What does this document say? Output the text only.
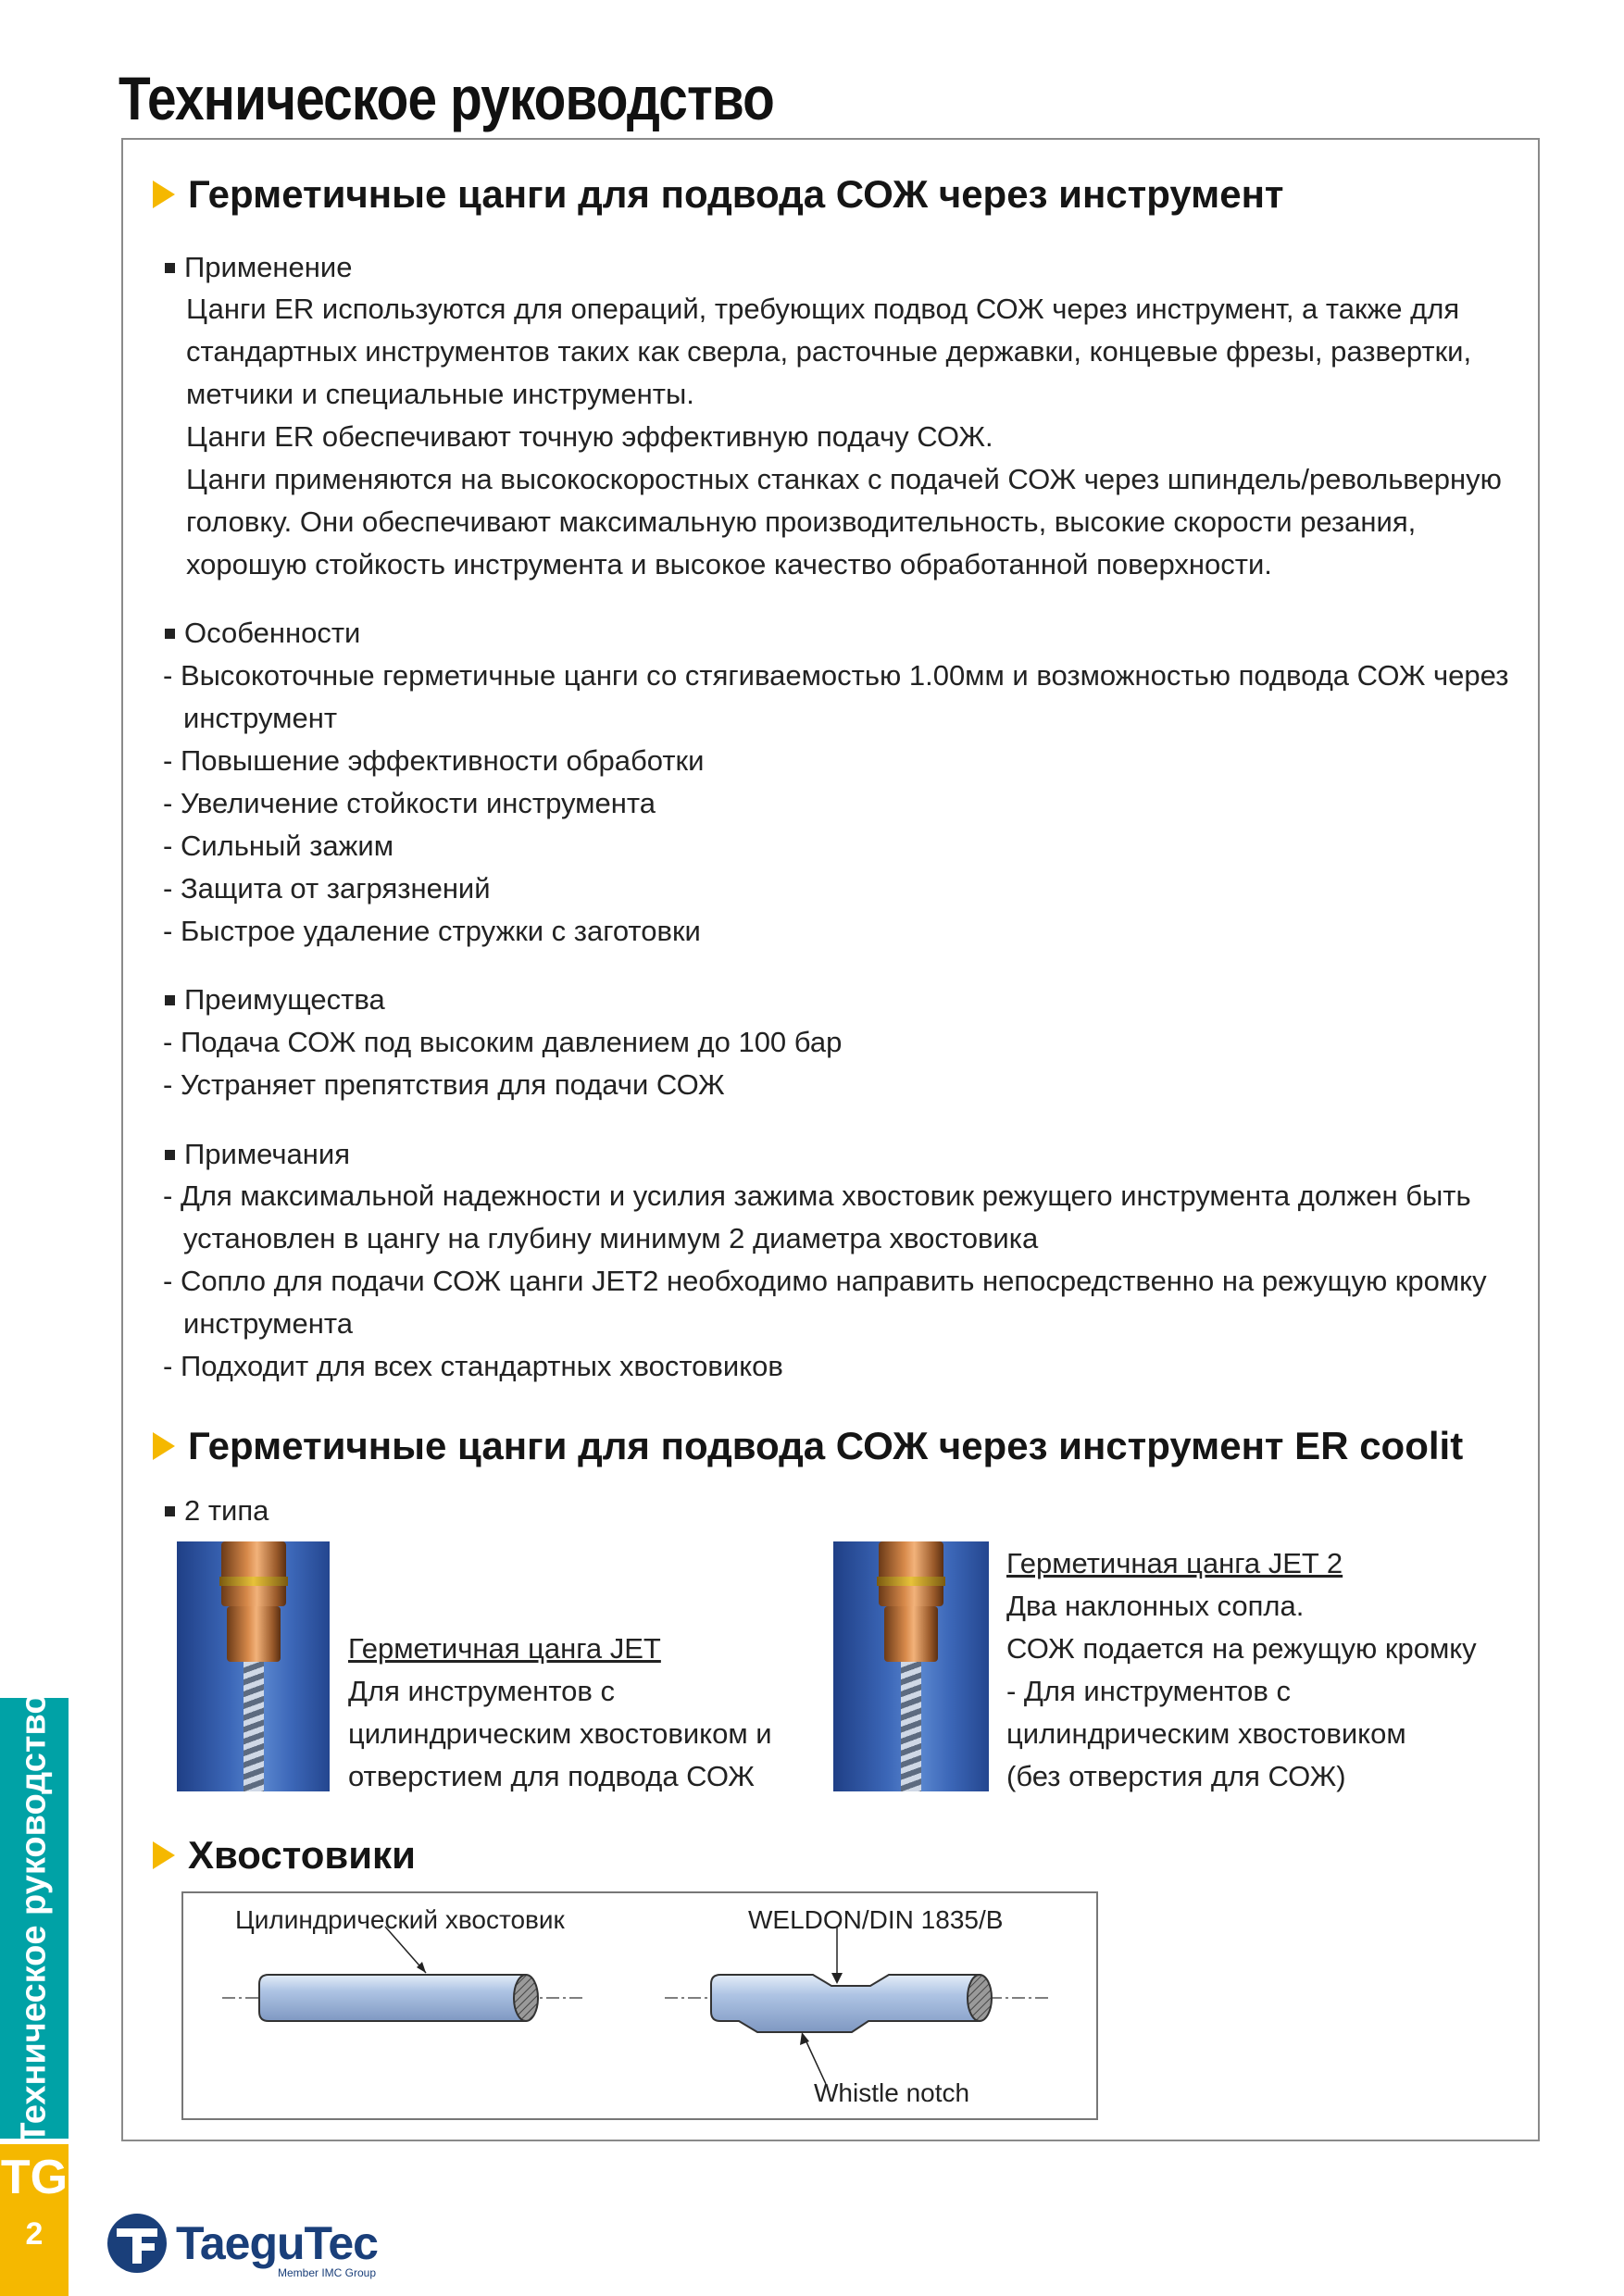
Техническое руководство
Герметичные цанги для подвода СОЖ через инструмент
Применение

Цанги ER используются для операций, требующих подвод СОЖ через инструмент, а также для

стандартных инструментов таких как сверла, расточные державки, концевые фрезы, развертки,

метчики и специальные инструменты.

Цанги ER обеспечивают точную эффективную подачу СОЖ.

Цанги применяются на высокоскоростных станках с подачей СОЖ через шпиндель/револьверную

головку. Они обеспечивают максимальную производительность, высокие скорости резания,

хорошую стойкость инструмента и высокое качество обработанной поверхности.

Особенности
- Высокоточные герметичные цанги со стягиваемостью 1.00мм и возможностью подвода СОЖ через инструмент
- Повышение эффективности обработки
- Увеличение стойкости инструмента
- Сильный зажим
- Защита от загрязнений
- Быстрое удаление стружки с заготовки
Преимущества
- Подача СОЖ под высоким давлением до 100 бар
- Устраняет препятствия для подачи СОЖ
Примечания
- Для максимальной надежности и усилия зажима хвостовик режущего инструмента должен быть установлен в цангу на глубину минимум 2 диаметра хвостовика
- Сопло для подачи СОЖ цанги JET2 необходимо направить непосредственно на режущую кромку инструмента
- Подходит для всех стандартных хвостовиков
Герметичные цанги для подвода СОЖ через инструмент ER coolit
2 типа

Герметичная цанга JET

Для инструментов с

цилиндрическим хвостовиком и

отверстием для подвода СОЖ

Герметичная цанга JET 2

Два наклонных сопла.

СОЖ подается на режущую кромку

- Для инструментов с

цилиндрическим хвостовиком

(без отверстия для СОЖ)

Хвостовики
Цилиндрический хвостовик	WELDON/DIN 1835/B
Whistle notch
Техническое руководство
TG
2	TaeguTec
Member IMC Group
